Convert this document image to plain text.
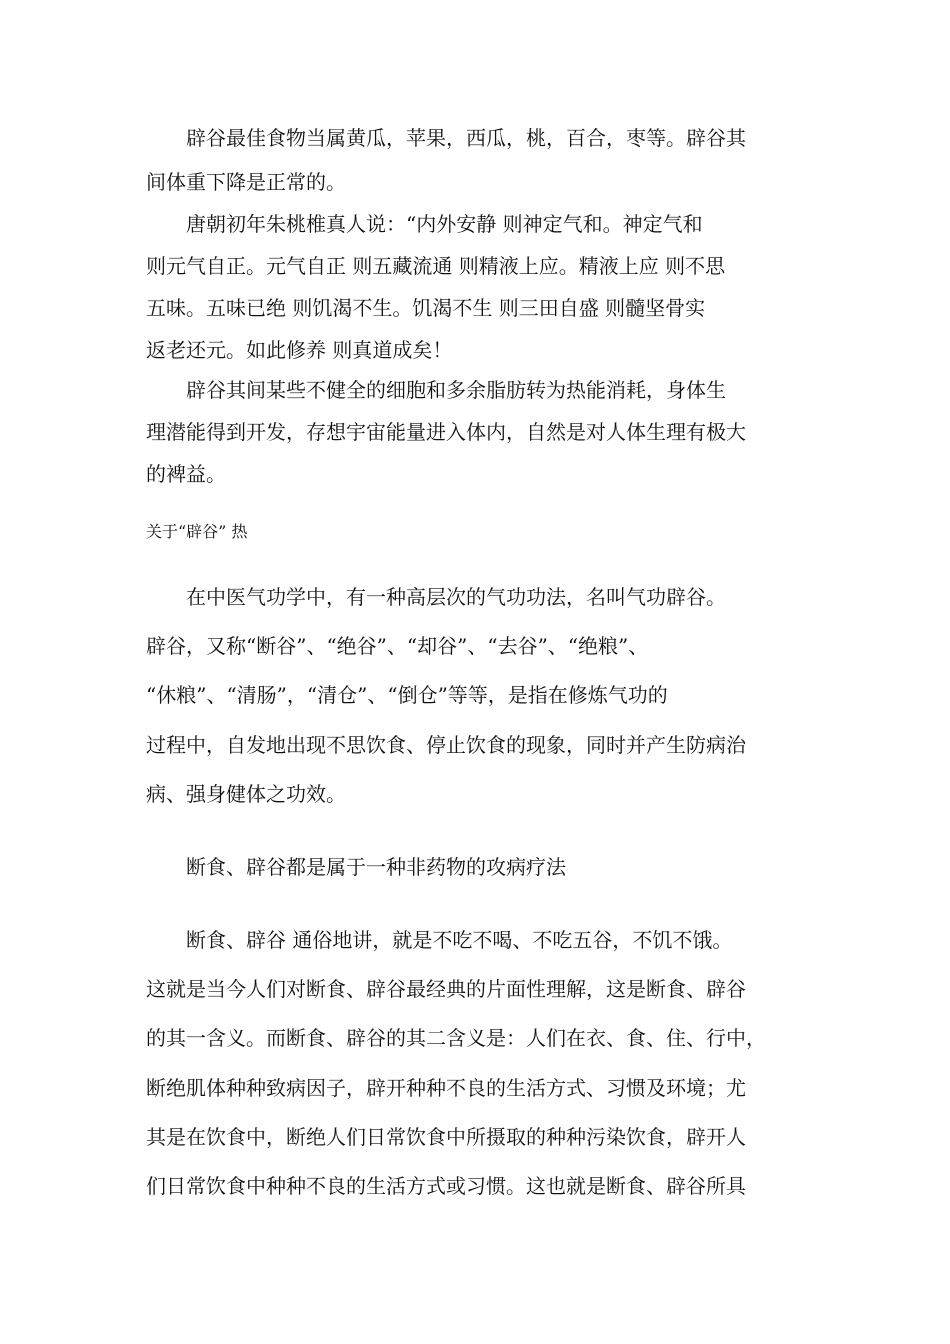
　　辟谷最佳食物当属黄瓜，苹果，西瓜，桃，百合，枣等。辟谷其
间体重下降是正常的。
　　唐朝初年朱桃椎真人说：“内外安静 则神定气和。神定气和
则元气自正。元气自正 则五藏流通 则精液上应。精液上应 则不思
五味。五味已绝 则饥渴不生。饥渴不生 则三田自盛 则髓坚骨实
返老还元。如此修养 则真道成矣！
　　辟谷其间某些不健全的细胞和多余脂肪转为热能消耗，身体生
理潜能得到开发，存想宇宙能量进入体内，自然是对人体生理有极大
的裨益。
关于“辟谷” 热
　　在中医气功学中，有一种高层次的气功功法，名叫气功辟谷。
辟谷，又称“断谷”、“绝谷”、“却谷”、“去谷”、“绝粮”、
“休粮”、“清肠”，“清仓”、“倒仓”等等，是指在修炼气功的
过程中，自发地出现不思饮食、停止饮食的现象，同时并产生防病治
病、强身健体之功效。
　　断食、辟谷都是属于一种非药物的攻病疗法
　　断食、辟谷 通俗地讲，就是不吃不喝、不吃五谷，不饥不饿。
这就是当今人们对断食、辟谷最经典的片面性理解，这是断食、辟谷
的其一含义。而断食、辟谷的其二含义是：人们在衣、食、住、行中，
断绝肌体种种致病因子，辟开种种不良的生活方式、习惯及环境；尤
其是在饮食中，断绝人们日常饮食中所摄取的种种污染饮食，辟开人
们日常饮食中种种不良的生活方式或习惯。这也就是断食、辟谷所具
